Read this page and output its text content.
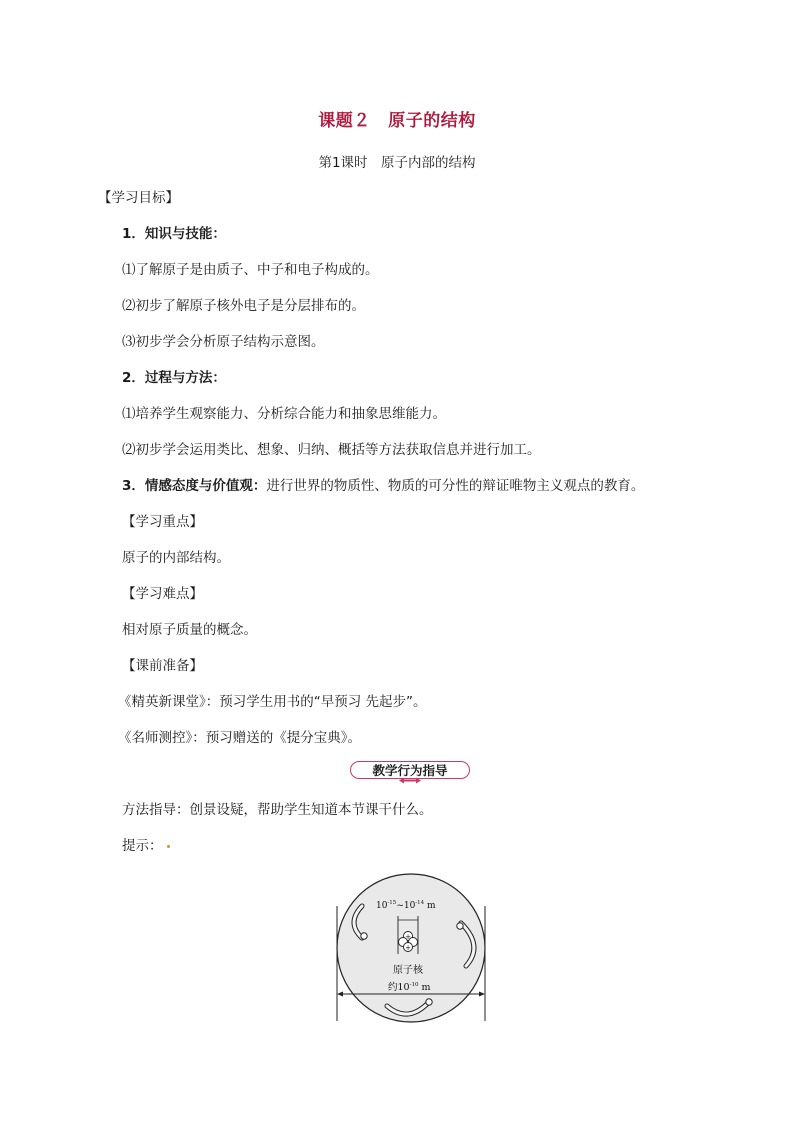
课题２　原子的结构
第1课时　原子内部的结构
【学习目标】
1．知识与技能：
⑴了解原子是由质子、中子和电子构成的。
⑵初步了解原子核外电子是分层排布的。
⑶初步学会分析原子结构示意图。
2．过程与方法：
⑴培养学生观察能力、分析综合能力和抽象思维能力。
⑵初步学会运用类比、想象、归纳、概括等方法获取信息并进行加工。
3．情感态度与价值观：进行世界的物质性、物质的可分性的辩证唯物主义观点的教育。
【学习重点】
原子的内部结构。
【学习难点】
相对原子质量的概念。
【课前准备】
《精英新课堂》：预习学生用书的“早预习 先起步”。
《名师测控》：预习赠送的《提分宝典》。
教学行为指导
方法指导：创景设疑，帮助学生知道本节课干什么。
提示：
$10^{-15}\sim 10^{-14}$ m
+
+
原子核
约$10^{-10}$ m
